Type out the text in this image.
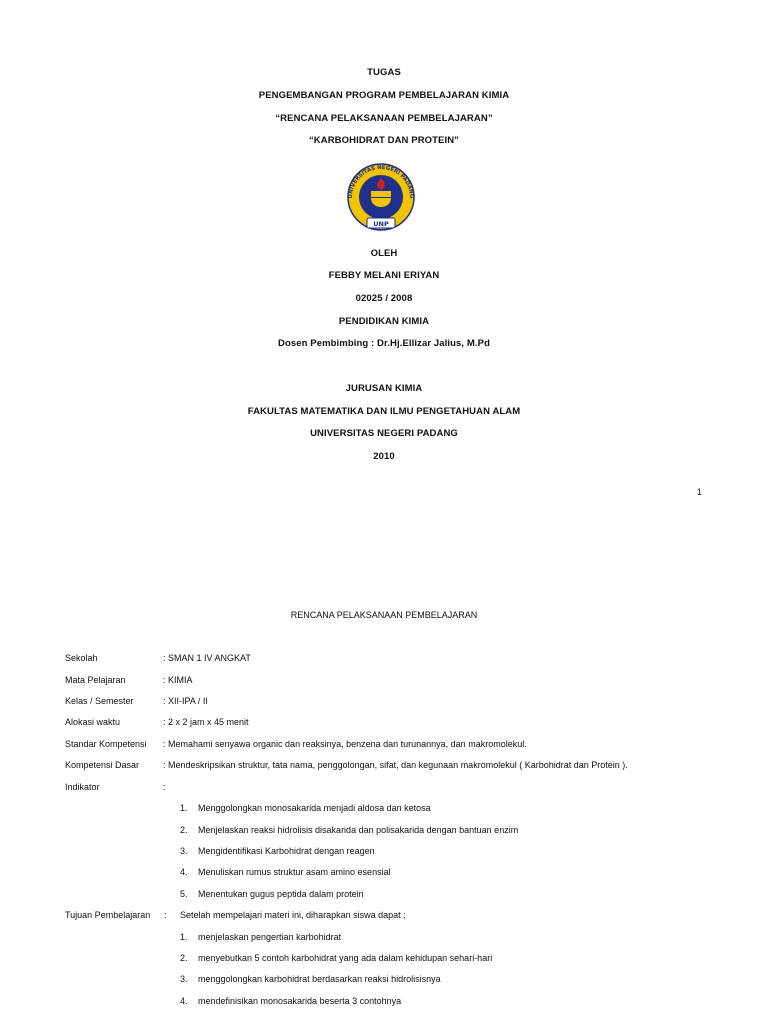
TUGAS
PENGEMBANGAN PROGRAM PEMBELAJARAN KIMIA
“RENCANA PELAKSANAAN PEMBELAJARAN”
“KARBOHIDRAT DAN PROTEIN”
UNIVERSITAS NEGERI PADANG
UNP
OLEH
FEBBY MELANI ERIYAN
02025 / 2008
PENDIDIKAN KIMIA
Dosen Pembimbing : Dr.Hj.Ellizar Jalius, M.Pd
JURUSAN KIMIA
FAKULTAS MATEMATIKA DAN ILMU PENGETAHUAN ALAM
UNIVERSITAS NEGERI PADANG
2010
1
RENCANA PELAKSANAAN PEMBELAJARAN
Sekolah	: SMAN 1 IV ANGKAT
Mata Pelajaran	: KIMIA
Kelas / Semester	: XII-IPA / II
Alokasi waktu	: 2 x 2 jam x 45 menit
Standar Kompetensi : Memahami senyawa organic dan reaksinya, benzena dan turunannya, dan makromolekul.
Kompetensi Dasar	: Mendeskripsikan struktur, tata nama, penggolongan, sifat, dan kegunaan makromolekul ( Karbohidrat dan Protein ).
Indikator	:
1. Menggolongkan monosakarida menjadi aldosa dan ketosa
2. Menjelaskan reaksi hidrolisis disakarida dan polisakarida dengan bantuan enzim
3. Mengidentifikasi Karbohidrat dengan reagen
4. Menuliskan rumus struktur asam amino esensial
5. Menentukan gugus peptida dalam protein
Tujuan Pembelajaran : Setelah mempelajari materi ini, diharapkan siswa dapat ;
1. menjelaskan pengertian karbohidrat
2. menyebutkan 5 contoh karbohidrat yang ada dalam kehidupan sehari-hari
3. menggolongkan karbohidrat berdasarkan reaksi hidrolisisnya
4. mendefinisikan monosakarida beserta 3 contohnya
